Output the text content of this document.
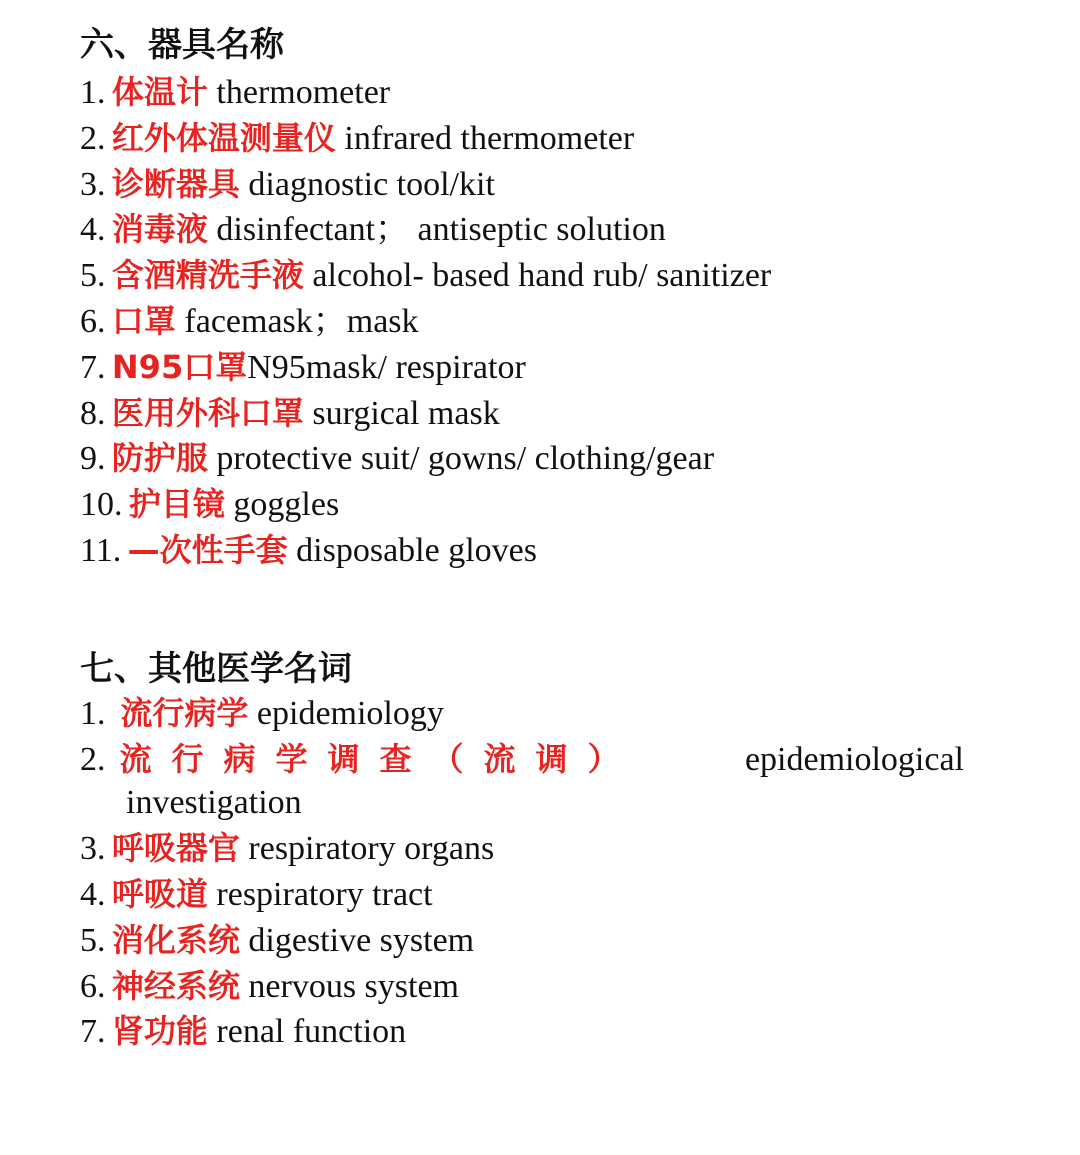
六、器具名称
1. 体温计 thermometer
2. 红外体温测量仪 infrared thermometer
3. 诊断器具 diagnostic tool/kit
4. 消毒液 disinfectant； antiseptic solution
5. 含酒精洗手液 alcohol- based hand rub/ sanitizer
6. 口罩 facemask；mask
7. N95口罩N95mask/ respirator
8. 医用外科口罩 surgical mask
9. 防护服 protective suit/ gowns/ clothing/gear
10. 护目镜 goggles
11. —次性手套 disposable gloves
七、其他医学名词
1. 流行病学 epidemiology
2. 流行病学调查（流调）	epidemiological
investigation
3. 呼吸器官 respiratory organs
4. 呼吸道 respiratory tract
5. 消化系统 digestive system
6. 神经系统 nervous system
7. 肾功能 renal function
